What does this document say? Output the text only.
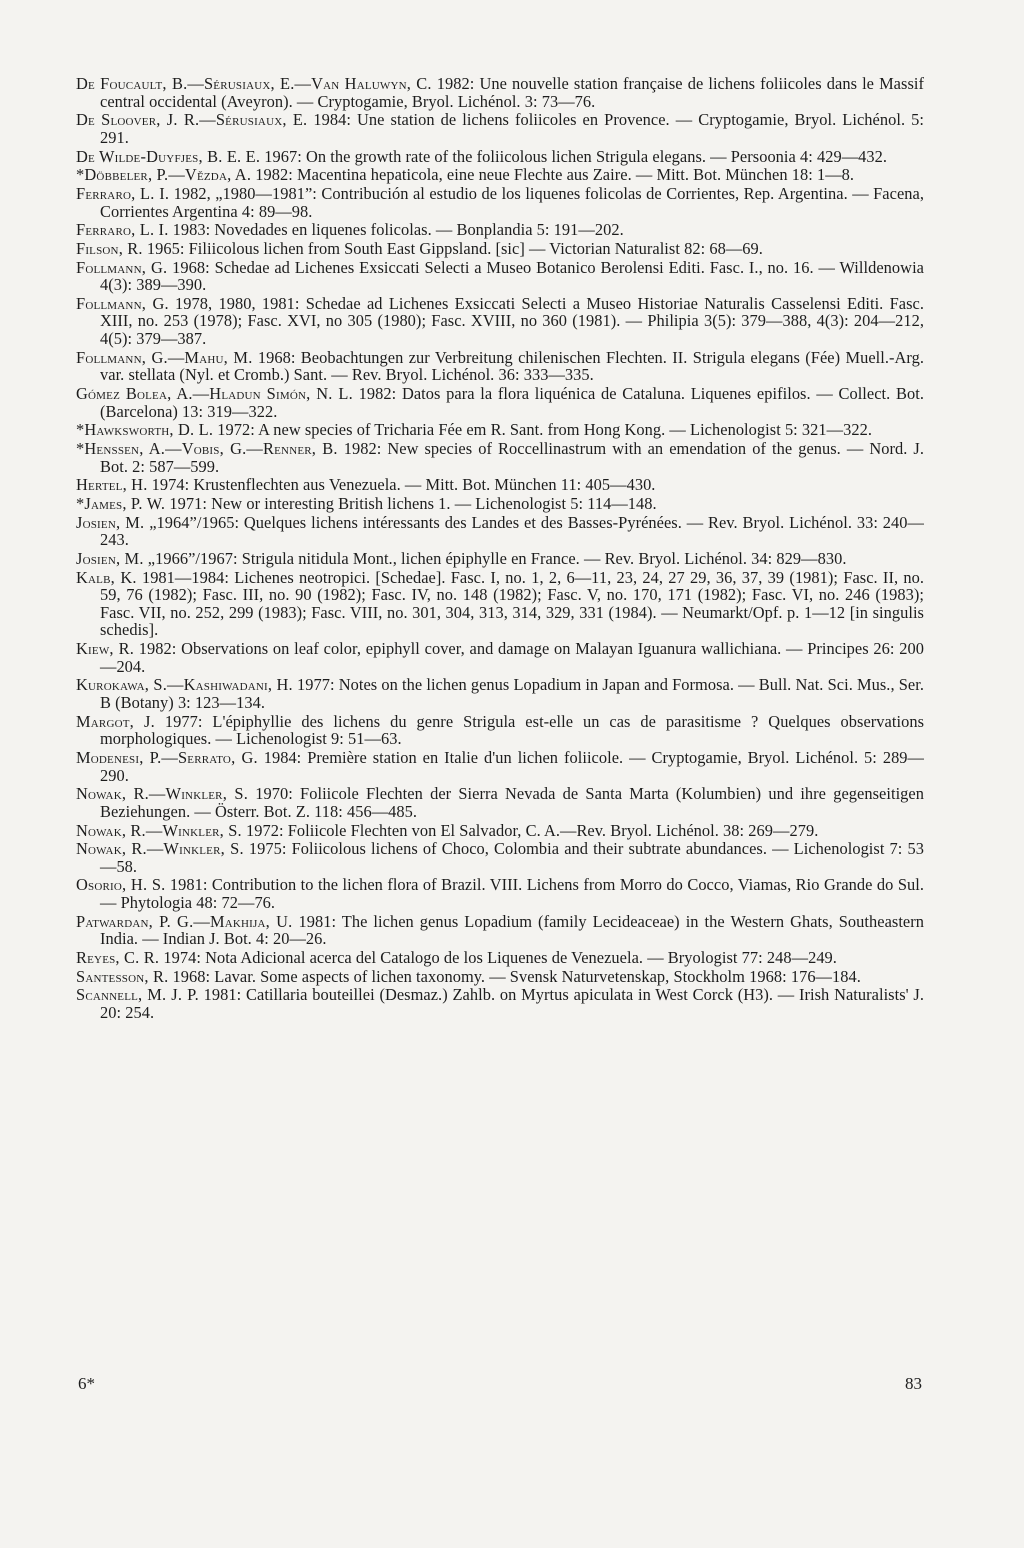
De Foucault, B.—Sérusiaux, E.—Van Haluwyn, C. 1982: Une nouvelle station française de lichens foliicoles dans le Massif central occidental (Aveyron). — Cryptogamie, Bryol. Lichénol. 3: 73—76.
De Sloover, J. R.—Sérusiaux, E. 1984: Une station de lichens foliicoles en Provence. — Cryptogamie, Bryol. Lichénol. 5: 291.
De Wilde-Duyfjes, B. E. E. 1967: On the growth rate of the foliicolous lichen Strigula elegans. — Persoonia 4: 429—432.
*Döbbeler, P.—Vězda, A. 1982: Macentina hepaticola, eine neue Flechte aus Zaire. — Mitt. Bot. München 18: 1—8.
Ferraro, L. I. 1982, „1980—1981”: Contribución al estudio de los liquenes folicolas de Corrientes, Rep. Argentina. — Facena, Corrientes Argentina 4: 89—98.
Ferraro, L. I. 1983: Novedades en liquenes folicolas. — Bonplandia 5: 191—202.
Filson, R. 1965: Filiicolous lichen from South East Gippsland. [sic] — Victorian Naturalist 82: 68—69.
Follmann, G. 1968: Schedae ad Lichenes Exsiccati Selecti a Museo Botanico Berolensi Editi. Fasc. I., no. 16. — Willdenowia 4(3): 389—390.
Follmann, G. 1978, 1980, 1981: Schedae ad Lichenes Exsiccati Selecti a Museo Historiae Naturalis Casselensi Editi. Fasc. XIII, no. 253 (1978); Fasc. XVI, no 305 (1980); Fasc. XVIII, no 360 (1981). — Philipia 3(5): 379—388, 4(3): 204—212, 4(5): 379—387.
Follmann, G.—Mahu, M. 1968: Beobachtungen zur Verbreitung chilenischen Flechten. II. Strigula elegans (Fée) Muell.-Arg. var. stellata (Nyl. et Cromb.) Sant. — Rev. Bryol. Lichénol. 36: 333—335.
Gómez Bolea, A.—Hladun Simón, N. L. 1982: Datos para la flora liquénica de Cataluna. Liquenes epifilos. — Collect. Bot. (Barcelona) 13: 319—322.
*Hawksworth, D. L. 1972: A new species of Tricharia Fée em R. Sant. from Hong Kong. — Lichenologist 5: 321—322.
*Henssen, A.—Vobis, G.—Renner, B. 1982: New species of Roccellinastrum with an emendation of the genus. — Nord. J. Bot. 2: 587—599.
Hertel, H. 1974: Krustenflechten aus Venezuela. — Mitt. Bot. München 11: 405—430.
*James, P. W. 1971: New or interesting British lichens 1. — Lichenologist 5: 114—148.
Josien, M. „1964”/1965: Quelques lichens intéressants des Landes et des Basses-Pyrénées. — Rev. Bryol. Lichénol. 33: 240—243.
Josien, M. „1966”/1967: Strigula nitidula Mont., lichen épiphylle en France. — Rev. Bryol. Lichénol. 34: 829—830.
Kalb, K. 1981—1984: Lichenes neotropici. [Schedae]. Fasc. I, no. 1, 2, 6—11, 23, 24, 27 29, 36, 37, 39 (1981); Fasc. II, no. 59, 76 (1982); Fasc. III, no. 90 (1982); Fasc. IV, no. 148 (1982); Fasc. V, no. 170, 171 (1982); Fasc. VI, no. 246 (1983); Fasc. VII, no. 252, 299 (1983); Fasc. VIII, no. 301, 304, 313, 314, 329, 331 (1984). — Neumarkt/Opf. p. 1—12 [in singulis schedis].
Kiew, R. 1982: Observations on leaf color, epiphyll cover, and damage on Malayan Iguanura wallichiana. — Principes 26: 200—204.
Kurokawa, S.—Kashiwadani, H. 1977: Notes on the lichen genus Lopadium in Japan and Formosa. — Bull. Nat. Sci. Mus., Ser. B (Botany) 3: 123—134.
Margot, J. 1977: L'épiphyllie des lichens du genre Strigula est-elle un cas de parasitisme ? Quelques observations morphologiques. — Lichenologist 9: 51—63.
Modenesi, P.—Serrato, G. 1984: Première station en Italie d'un lichen foliicole. — Cryptogamie, Bryol. Lichénol. 5: 289—290.
Nowak, R.—Winkler, S. 1970: Foliicole Flechten der Sierra Nevada de Santa Marta (Kolumbien) und ihre gegenseitigen Beziehungen. — Österr. Bot. Z. 118: 456—485.
Nowak, R.—Winkler, S. 1972: Foliicole Flechten von El Salvador, C. A.—Rev. Bryol. Lichénol. 38: 269—279.
Nowak, R.—Winkler, S. 1975: Foliicolous lichens of Choco, Colombia and their subtrate abundances. — Lichenologist 7: 53—58.
Osorio, H. S. 1981: Contribution to the lichen flora of Brazil. VIII. Lichens from Morro do Cocco, Viamas, Rio Grande do Sul. — Phytologia 48: 72—76.
Patwardan, P. G.—Makhija, U. 1981: The lichen genus Lopadium (family Lecideaceae) in the Western Ghats, Southeastern India. — Indian J. Bot. 4: 20—26.
Reyes, C. R. 1974: Nota Adicional acerca del Catalogo de los Liquenes de Venezuela. — Bryologist 77: 248—249.
Santesson, R. 1968: Lavar. Some aspects of lichen taxonomy. — Svensk Naturvetenskap, Stockholm 1968: 176—184.
Scannell, M. J. P. 1981: Catillaria bouteillei (Desmaz.) Zahlb. on Myrtus apiculata in West Corck (H3). — Irish Naturalists' J. 20: 254.
6*	83
